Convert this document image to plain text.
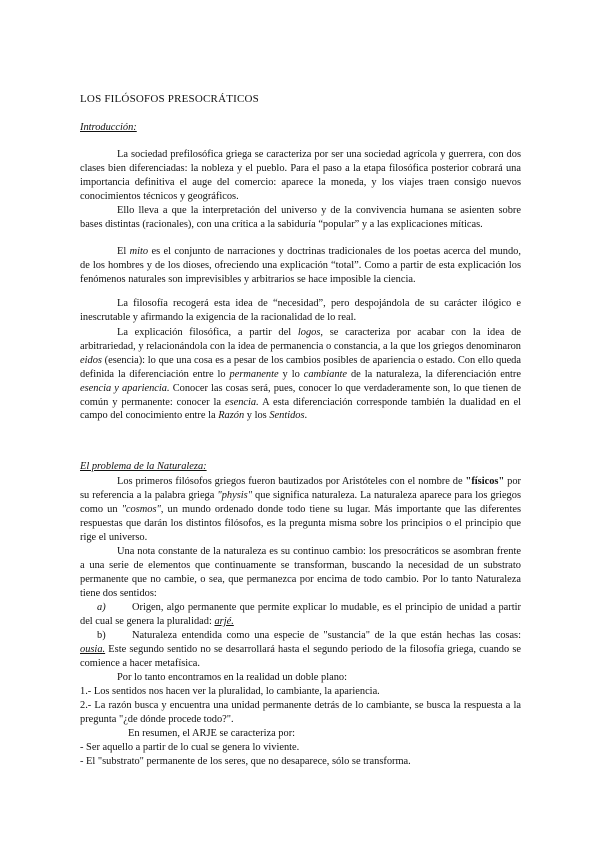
LOS FILÓSOFOS PRESOCRÁTICOS
Introducción:
La sociedad prefilosófica griega se caracteriza por ser una sociedad agrícola y guerrera, con dos clases bien diferenciadas: la nobleza y el pueblo. Para el paso a la etapa filosófica posterior cobrará una importancia definitiva el auge del comercio: aparece la moneda, y los viajes traen consigo nuevos conocimientos técnicos y geográficos.
Ello lleva a que la interpretación del universo y de la convivencia humana se asienten sobre bases distintas (racionales), con una crítica a la sabiduría “popular” y a las explicaciones míticas.
El mito es el conjunto de narraciones y doctrinas tradicionales de los poetas acerca del mundo, de los hombres y de los dioses, ofreciendo una explicación “total”. Como a partir de esta explicación los fenómenos naturales son imprevisibles y arbitrarios se hace imposible la ciencia.
La filosofía recogerá esta idea de “necesidad”, pero despojándola de su carácter ilógico e inescrutable y afirmando la exigencia de la racionalidad de lo real.
La explicación filosófica, a partir del logos, se caracteriza por acabar con la idea de arbitrariedad, y relacionándola con la idea de permanencia o constancia, a la que los griegos denominaron eidos (esencia): lo que una cosa es a pesar de los cambios posibles de apariencia o estado. Con ello queda definida la diferenciación entre lo permanente y lo cambiante de la naturaleza, la diferenciación entre esencia y apariencia. Conocer las cosas será, pues, conocer lo que verdaderamente son, lo que tienen de común y permanente: conocer la esencia. A esta diferenciación corresponde también la dualidad en el campo del conocimiento entre la Razón y los Sentidos.
El problema de la Naturaleza:
Los primeros filósofos griegos fueron bautizados por Aristóteles con el nombre de "físicos" por su referencia a la palabra griega "physis" que significa naturaleza. La naturaleza aparece para los griegos como un "cosmos", un mundo ordenado donde todo tiene su lugar. Más importante que las diferentes respuestas que darán los distintos filósofos, es la pregunta misma sobre los principios o el principio que rige el universo.
Una nota constante de la naturaleza es su continuo cambio: los presocráticos se asombran frente a una serie de elementos que continuamente se transforman, buscando la necesidad de un substrato permanente que no cambie, o sea, que permanezca por encima de todo cambio. Por lo tanto Naturaleza tiene dos sentidos:
a)	Origen, algo permanente que permite explicar lo mudable, es el principio de unidad a partir del cual se genera la pluralidad: arjé.
b)	Naturaleza entendida como una especie de "sustancia" de la que están hechas las cosas: ousia. Este segundo sentido no se desarrollará hasta el segundo periodo de la filosofía griega, cuando se comience a hacer metafísica.
Por lo tanto encontramos en la realidad un doble plano:
1.- Los sentidos nos hacen ver la pluralidad, lo cambiante, la apariencia.
2.- La razón busca y encuentra una unidad permanente detrás de lo cambiante, se busca la respuesta a la pregunta "¿de dónde procede todo?".
En resumen, el ARJE se caracteriza por:
- Ser aquello a partir de lo cual se genera lo viviente.
- El "substrato" permanente de los seres, que no desaparece, sólo se transforma.
